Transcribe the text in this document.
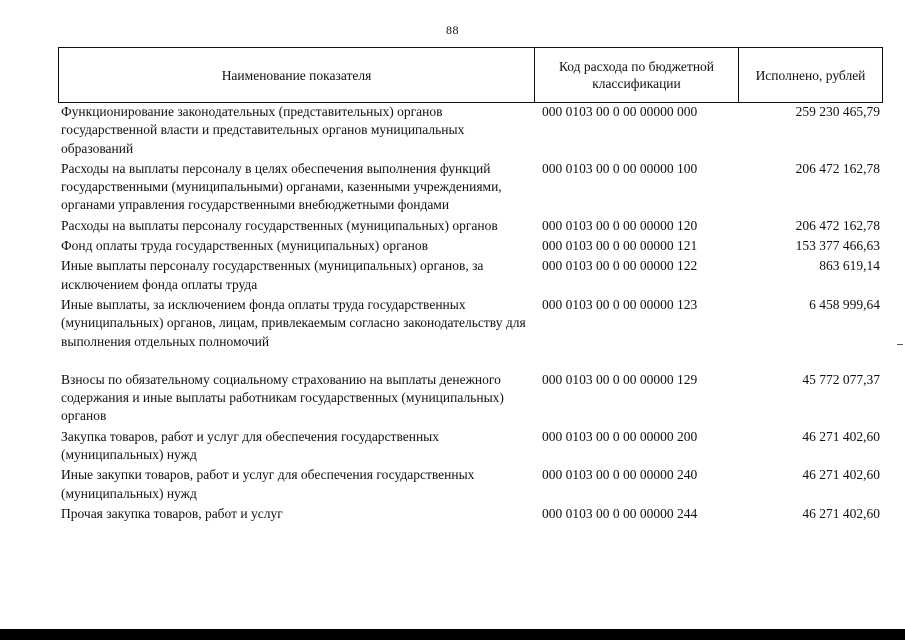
88
Наименование показателя
Код расхода по бюджетной классификации
Исполнено, рублей
Функционирование законодательных (представительных) органов государственной власти и представительных органов муниципальных образований
000 0103 00 0 00 00000 000	259 230 465,79
Расходы на выплаты персоналу в целях обеспечения выполнения функций государственными (муниципальными) органами, казенными учреждениями, органами управления государственными внебюджетными фондами
000 0103 00 0 00 00000 100	206 472 162,78
Расходы на выплаты персоналу государственных (муниципальных) органов	000 0103 00 0 00 00000 120	206 472 162,78
Фонд оплаты труда государственных (муниципальных) органов	000 0103 00 0 00 00000 121	153 377 466,63
Иные выплаты персоналу государственных (муниципальных) органов, за исключением фонда оплаты труда
000 0103 00 0 00 00000 122	863 619,14
Иные выплаты, за исключением фонда оплаты труда государственных (муниципальных) органов, лицам, привлекаемым согласно законодательству для выполнения отдельных полномочий
000 0103 00 0 00 00000 123	6 458 999,64
Взносы по обязательному социальному страхованию на выплаты денежного содержания и иные выплаты работникам государственных (муниципальных) органов
000 0103 00 0 00 00000 129	45 772 077,37
Закупка товаров, работ и услуг для обеспечения государственных (муниципальных) нужд
000 0103 00 0 00 00000 200	46 271 402,60
Иные закупки товаров, работ и услуг для обеспечения государственных (муниципальных) нужд
000 0103 00 0 00 00000 240	46 271 402,60
Прочая закупка товаров, работ и услуг	000 0103 00 0 00 00000 244	46 271 402,60
